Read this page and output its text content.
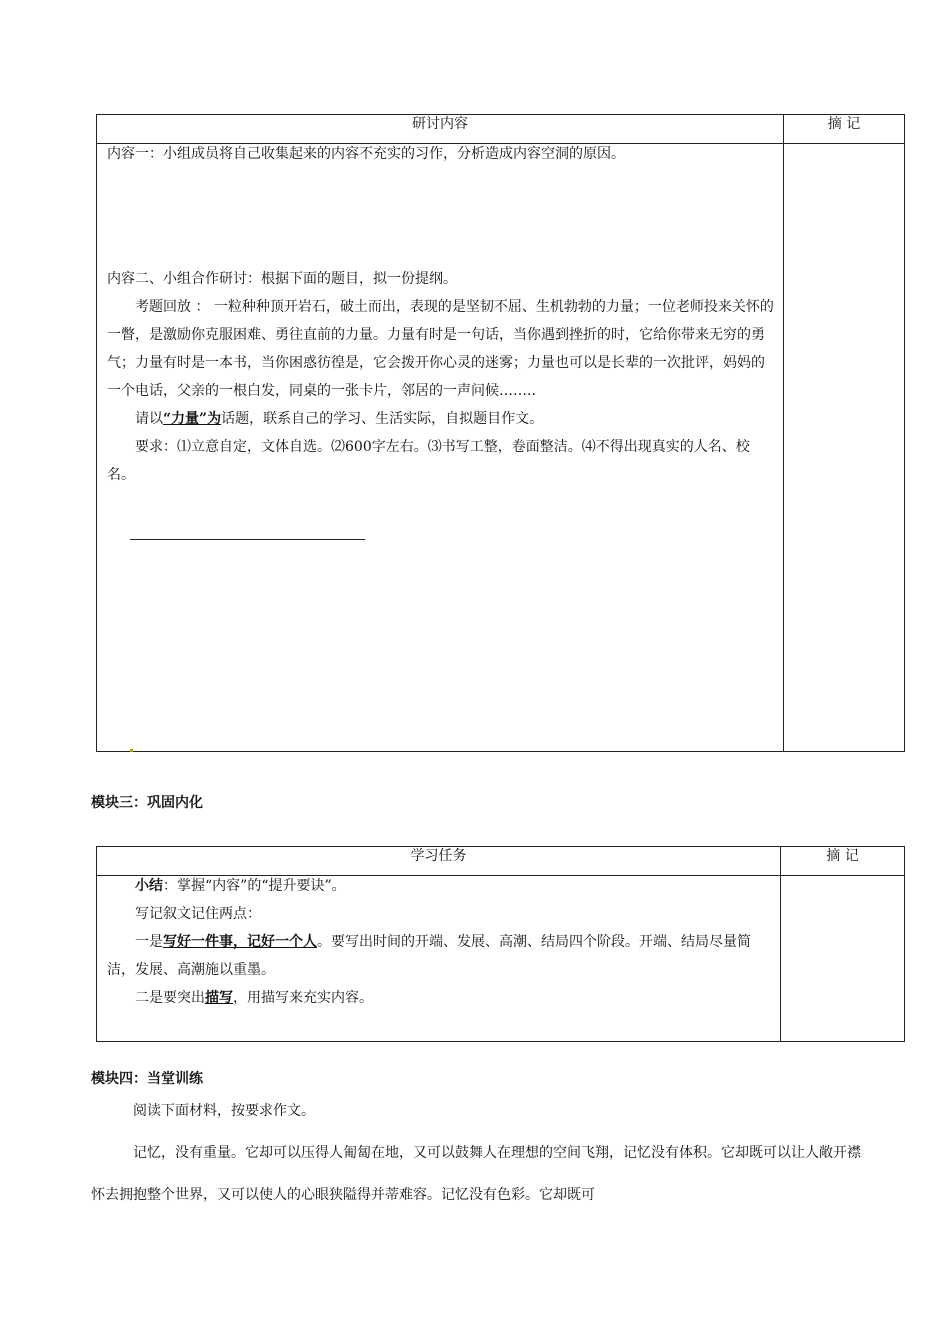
研讨内容	摘 记

内容一：小组成员将自己收集起来的内容不充实的习作，分析造成内容空洞的原因。

内容二、小组合作研讨：根据下面的题目，拟一份提纲。

考题回放 ： 一粒种种顶开岩石，破土而出，表现的是坚韧不屈、生机勃勃的力量；一位老师投来关怀的一瞥，是激励你克服困难、勇往直前的力量。力量有时是一句话，当你遇到挫折的时，它给你带来无穷的勇气；力量有时是一本书，当你困惑彷徨是，它会拨开你心灵的迷雾；力量也可以是长辈的一次批评，妈妈的一个电话，父亲的一根白发，同桌的一张卡片，邻居的一声问候……..

请以“力量”为话题，联系自己的学习、生活实际，自拟题目作文。

要求：⑴立意自定，文体自选。⑵600字左右。⑶书写工整，卷面整洁。⑷不得出现真实的人名、校名。	

模块三：巩固内化
学习任务	摘 记

小结：掌握“内容”的“提升要诀”。

写记叙文记住两点：

一是写好一件事，记好一个人。要写出时间的开端、发展、高潮、结局四个阶段。开端、结局尽量简洁，发展、高潮施以重墨。

二是要突出描写，用描写来充实内容。	

模块四：当堂训练

阅读下面材料，按要求作文。

记忆，没有重量。它却可以压得人匍匐在地，又可以鼓舞人在理想的空间飞翔，记忆没有体积。它却既可以让人敞开襟怀去拥抱整个世界，又可以使人的心眼狭隘得并蒂难容。记忆没有色彩。它却既可
